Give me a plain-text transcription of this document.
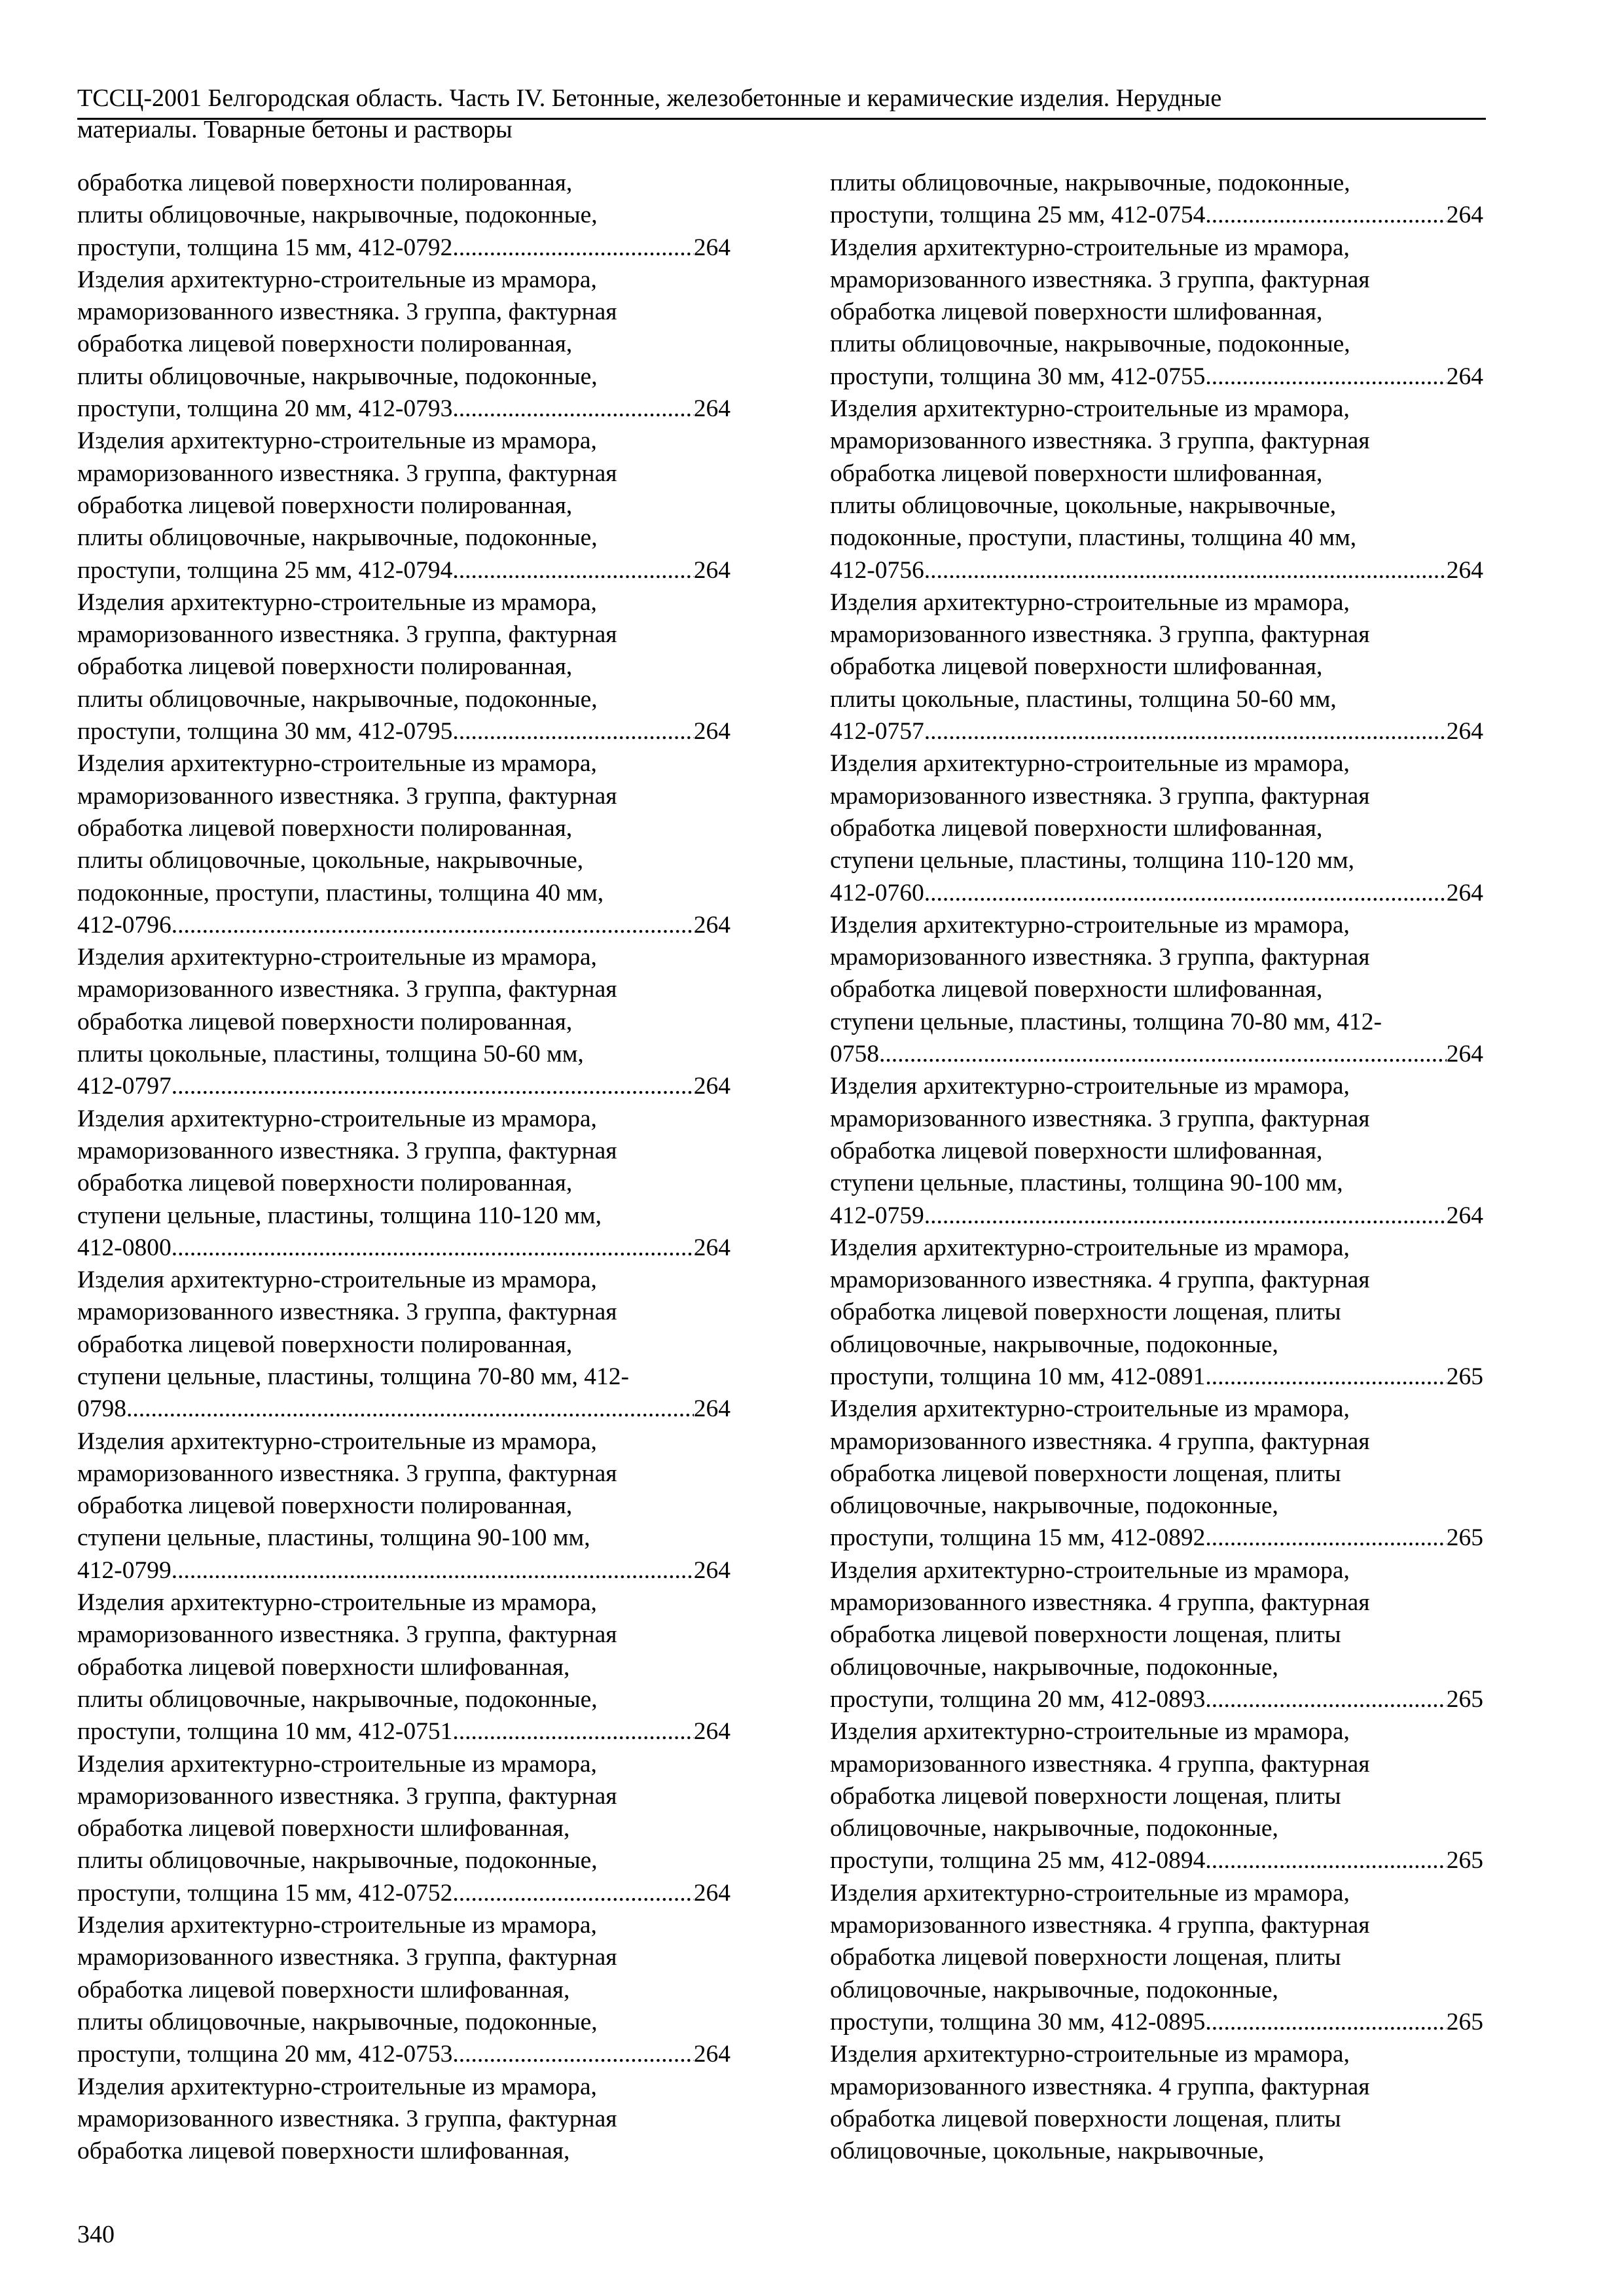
ТССЦ-2001 Белгородская область. Часть IV. Бетонные, железобетонные и керамические изделия. Нерудные
материалы. Товарные бетоны и растворы
обработка лицевой поверхности полированная,
плиты облицовочные, накрывочные, подоконные,
проступи, толщина 15 мм, 412-0792 .....	264
Изделия архитектурно-строительные из мрамора,
мраморизованного известняка. 3 группа, фактурная
обработка лицевой поверхности полированная,
плиты облицовочные, накрывочные, подоконные,
проступи, толщина 20 мм, 412-0793 .....	264
Изделия архитектурно-строительные из мрамора,
мраморизованного известняка. 3 группа, фактурная
обработка лицевой поверхности полированная,
плиты облицовочные, накрывочные, подоконные,
проступи, толщина 25 мм, 412-0794 .....	264
Изделия архитектурно-строительные из мрамора,
мраморизованного известняка. 3 группа, фактурная
обработка лицевой поверхности полированная,
плиты облицовочные, накрывочные, подоконные,
проступи, толщина 30 мм, 412-0795 .....	264
Изделия архитектурно-строительные из мрамора,
мраморизованного известняка. 3 группа, фактурная
обработка лицевой поверхности полированная,
плиты облицовочные, цокольные, накрывочные,
подоконные, проступи, пластины, толщина 40 мм,
412-0796 .....	264
Изделия архитектурно-строительные из мрамора,
мраморизованного известняка. 3 группа, фактурная
обработка лицевой поверхности полированная,
плиты цокольные, пластины, толщина 50-60 мм,
412-0797 .....	264
Изделия архитектурно-строительные из мрамора,
мраморизованного известняка. 3 группа, фактурная
обработка лицевой поверхности полированная,
ступени цельные, пластины, толщина 110-120 мм,
412-0800 .....	264
Изделия архитектурно-строительные из мрамора,
мраморизованного известняка. 3 группа, фактурная
обработка лицевой поверхности полированная,
ступени цельные, пластины, толщина 70-80 мм, 412-
0798 .....	264
Изделия архитектурно-строительные из мрамора,
мраморизованного известняка. 3 группа, фактурная
обработка лицевой поверхности полированная,
ступени цельные, пластины, толщина 90-100 мм,
412-0799 .....	264
Изделия архитектурно-строительные из мрамора,
мраморизованного известняка. 3 группа, фактурная
обработка лицевой поверхности шлифованная,
плиты облицовочные, накрывочные, подоконные,
проступи, толщина 10 мм, 412-0751 .....	264
Изделия архитектурно-строительные из мрамора,
мраморизованного известняка. 3 группа, фактурная
обработка лицевой поверхности шлифованная,
плиты облицовочные, накрывочные, подоконные,
проступи, толщина 15 мм, 412-0752 .....	264
Изделия архитектурно-строительные из мрамора,
мраморизованного известняка. 3 группа, фактурная
обработка лицевой поверхности шлифованная,
плиты облицовочные, накрывочные, подоконные,
проступи, толщина 20 мм, 412-0753 .....	264
Изделия архитектурно-строительные из мрамора,
мраморизованного известняка. 3 группа, фактурная
обработка лицевой поверхности шлифованная,
плиты облицовочные, накрывочные, подоконные,
проступи, толщина 25 мм, 412-0754 .....	264
Изделия архитектурно-строительные из мрамора,
мраморизованного известняка. 3 группа, фактурная
обработка лицевой поверхности шлифованная,
плиты облицовочные, накрывочные, подоконные,
проступи, толщина 30 мм, 412-0755 .....	264
Изделия архитектурно-строительные из мрамора,
мраморизованного известняка. 3 группа, фактурная
обработка лицевой поверхности шлифованная,
плиты облицовочные, цокольные, накрывочные,
подоконные, проступи, пластины, толщина 40 мм,
412-0756 .....	264
Изделия архитектурно-строительные из мрамора,
мраморизованного известняка. 3 группа, фактурная
обработка лицевой поверхности шлифованная,
плиты цокольные, пластины, толщина 50-60 мм,
412-0757 .....	264
Изделия архитектурно-строительные из мрамора,
мраморизованного известняка. 3 группа, фактурная
обработка лицевой поверхности шлифованная,
ступени цельные, пластины, толщина 110-120 мм,
412-0760 .....	264
Изделия архитектурно-строительные из мрамора,
мраморизованного известняка. 3 группа, фактурная
обработка лицевой поверхности шлифованная,
ступени цельные, пластины, толщина 70-80 мм, 412-
0758 .....	264
Изделия архитектурно-строительные из мрамора,
мраморизованного известняка. 3 группа, фактурная
обработка лицевой поверхности шлифованная,
ступени цельные, пластины, толщина 90-100 мм,
412-0759 .....	264
Изделия архитектурно-строительные из мрамора,
мраморизованного известняка. 4 группа, фактурная
обработка лицевой поверхности лощеная, плиты
облицовочные, накрывочные, подоконные,
проступи, толщина 10 мм, 412-0891 .....	265
Изделия архитектурно-строительные из мрамора,
мраморизованного известняка. 4 группа, фактурная
обработка лицевой поверхности лощеная, плиты
облицовочные, накрывочные, подоконные,
проступи, толщина 15 мм, 412-0892 .....	265
Изделия архитектурно-строительные из мрамора,
мраморизованного известняка. 4 группа, фактурная
обработка лицевой поверхности лощеная, плиты
облицовочные, накрывочные, подоконные,
проступи, толщина 20 мм, 412-0893 .....	265
Изделия архитектурно-строительные из мрамора,
мраморизованного известняка. 4 группа, фактурная
обработка лицевой поверхности лощеная, плиты
облицовочные, накрывочные, подоконные,
проступи, толщина 25 мм, 412-0894 .....	265
Изделия архитектурно-строительные из мрамора,
мраморизованного известняка. 4 группа, фактурная
обработка лицевой поверхности лощеная, плиты
облицовочные, накрывочные, подоконные,
проступи, толщина 30 мм, 412-0895 .....	265
Изделия архитектурно-строительные из мрамора,
мраморизованного известняка. 4 группа, фактурная
обработка лицевой поверхности лощеная, плиты
облицовочные, цокольные, накрывочные,
340
